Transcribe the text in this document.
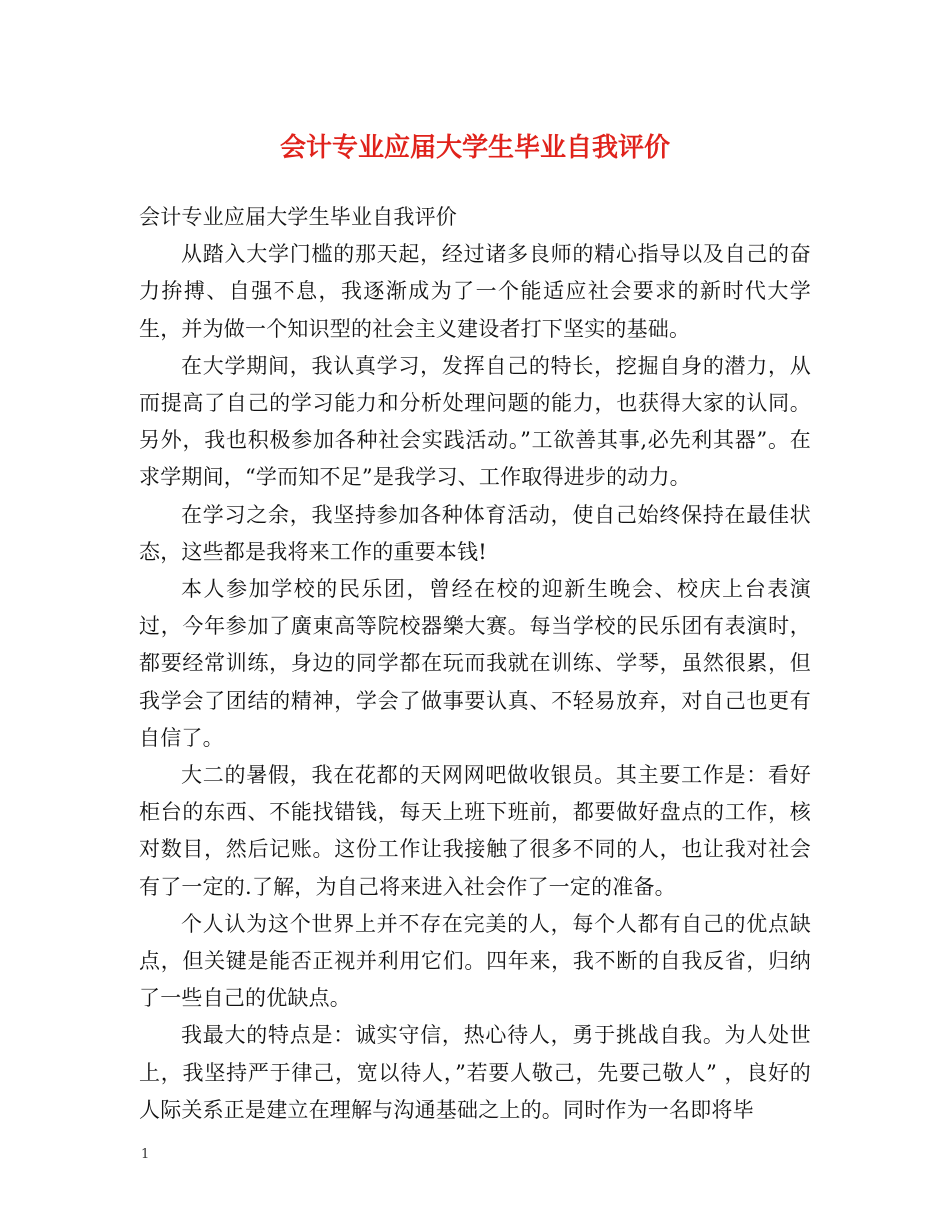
会计专业应届大学生毕业自我评价

会计专业应届大学生毕业自我评价

从踏入大学门槛的那天起，经过诸多良师的精心指导以及自己的奋力拚搏、自强不息，我逐渐成为了一个能适应社会要求的新时代大学生，并为做一个知识型的社会主义建设者打下坚实的基础。

在大学期间，我认真学习，发挥自己的特长，挖掘自身的潜力，从而提高了自己的学习能力和分析处理问题的能力，也获得大家的认同。另外，我也积极参加各种社会实践活动。”工欲善其事,必先利其器”。在求学期间，“学而知不足”是我学习、工作取得进步的动力。

在学习之余，我坚持参加各种体育活动，使自己始终保持在最佳状态，这些都是我将来工作的重要本钱!

本人参加学校的民乐团，曾经在校的迎新生晚会、校庆上台表演过，今年参加了廣東高等院校器樂大赛。每当学校的民乐团有表演时，都要经常训练，身边的同学都在玩而我就在训练、学琴，虽然很累，但我学会了团结的精神，学会了做事要认真、不轻易放弃，对自己也更有自信了。

大二的暑假，我在花都的天网网吧做收银员。其主要工作是：看好柜台的东西、不能找错钱，每天上班下班前，都要做好盘点的工作，核对数目，然后记账。这份工作让我接触了很多不同的人，也让我对社会有了一定的.了解，为自己将来进入社会作了一定的准备。

个人认为这个世界上并不存在完美的人，每个人都有自己的优点缺点，但关键是能否正视并利用它们。四年来，我不断的自我反省，归纳了一些自己的优缺点。

我最大的特点是：诚实守信，热心待人，勇于挑战自我。为人处世上，我坚持严于律己，宽以待人，”若要人敬己，先要己敬人” ，良好的人际关系正是建立在理解与沟通基础之上的。同时作为一名即将毕

1
